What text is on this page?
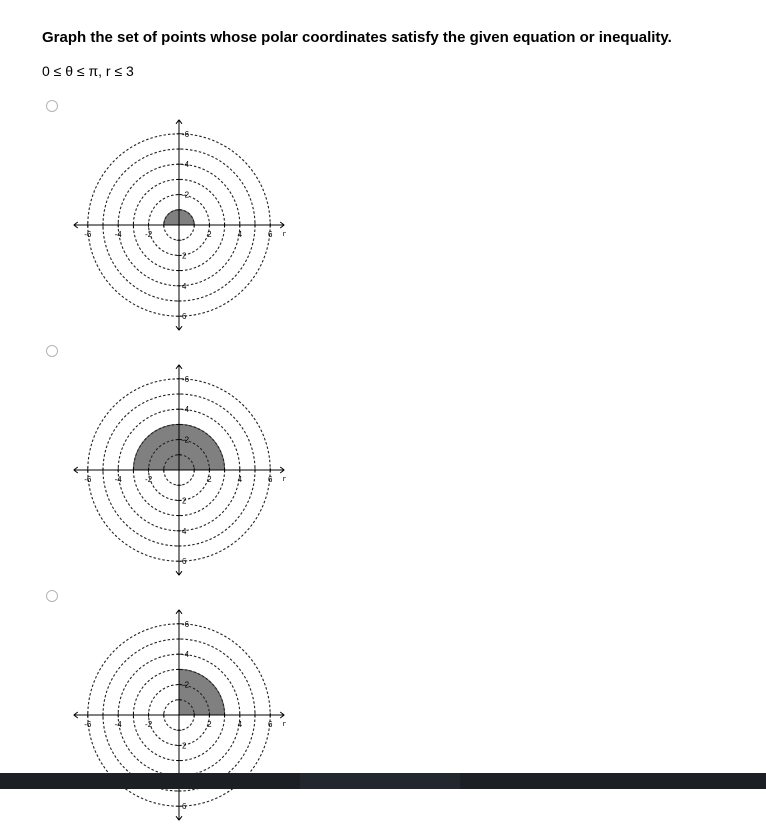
Graph the set of points whose polar coordinates satisfy the given equation or inequality.
0 ≤ θ ≤ π, r ≤ 3
-6
6
-4
4
-2
2
2
-2
4
-4
6
-6
r
-6
6
-4
4
-2
2
2
-2
4
-4
6
-6
r
-6
6
-4	-2
2
2
-2
4
-4
6
-6
r
